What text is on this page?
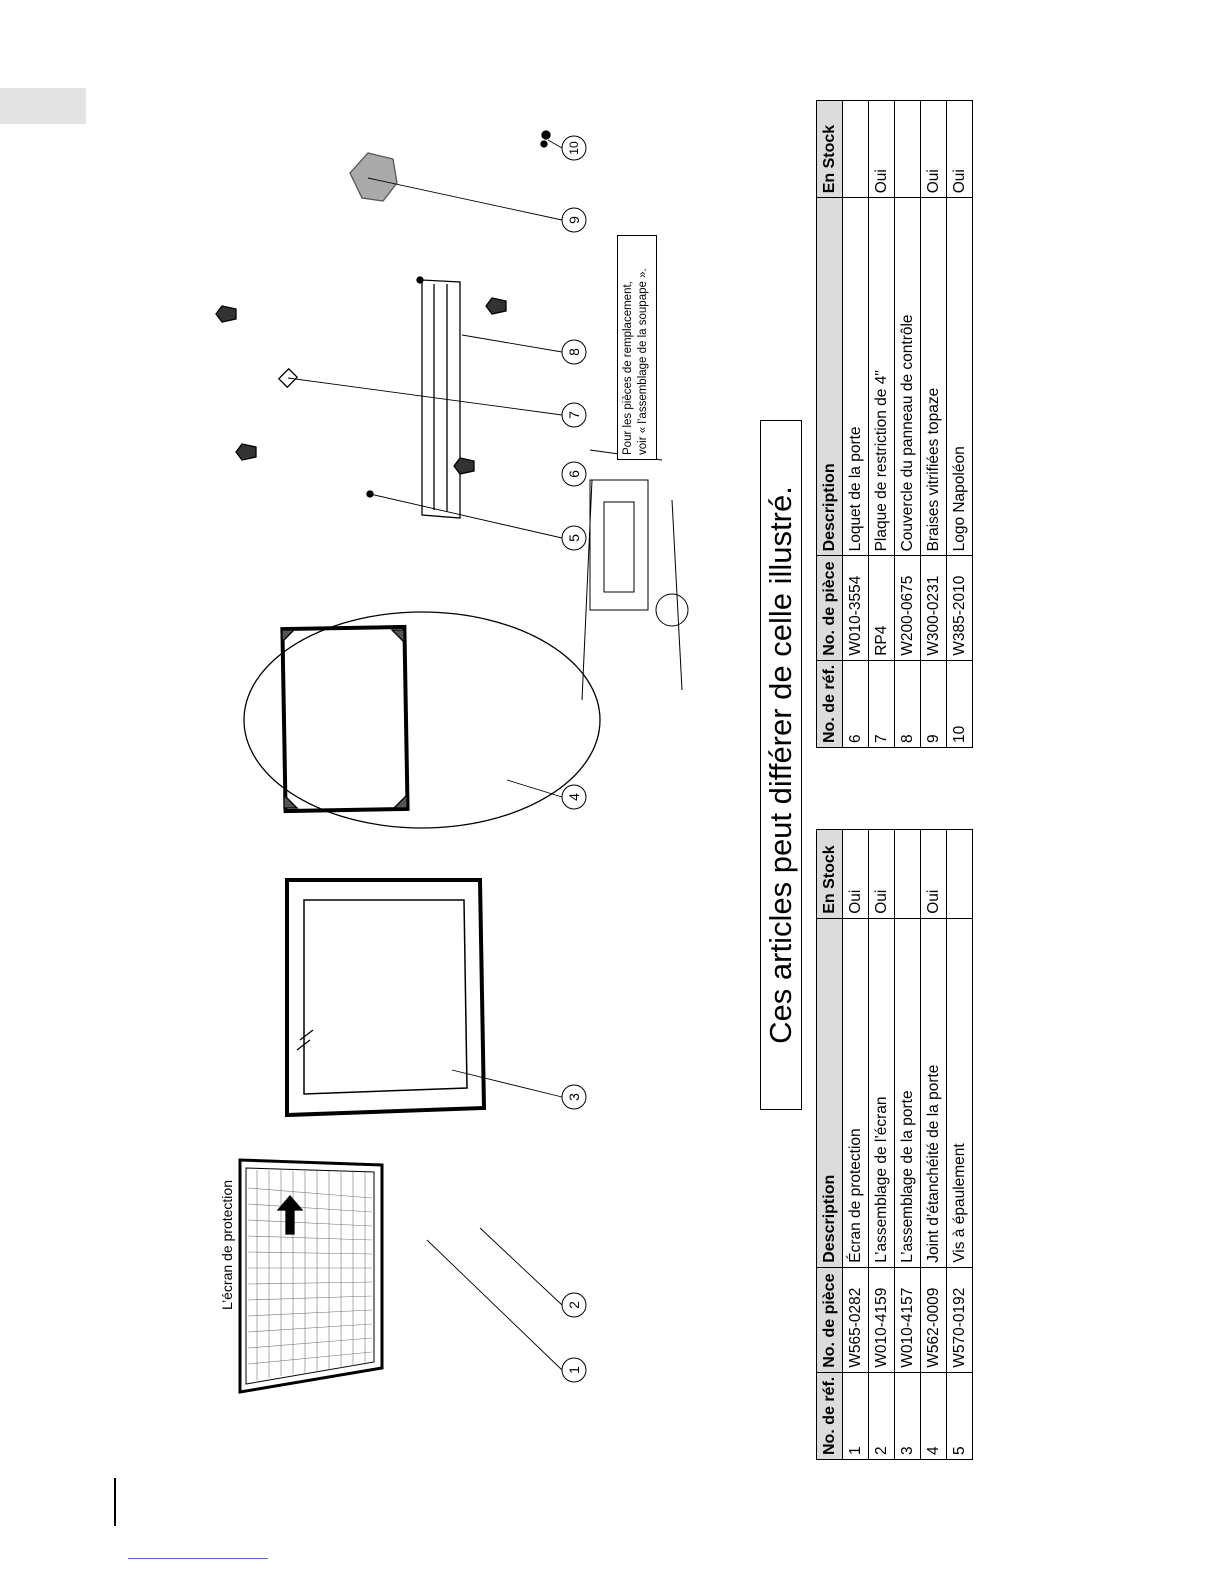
L’écran de protection
1
2
3
4
5
6
7
8
9
10
Pour les pièces de remplacement, voir « l’assemblage de la soupape ».
Ces articles peut différer de celle illustré.
No. de réf.	No. de pièce	Description	En Stock
1	W565-0282	Écran de protection	Oui
2	W010-4159	L’assemblage de l’écran	Oui
3	W010-4157	L’assemblage de la porte	
4	W562-0009	Joint d’étanchéité de la porte	Oui
5	W570-0192	Vis à épaulement	
No. de réf.	No. de pièce	Description	En Stock
6	W010-3554	Loquet de la porte	
7	RP4	Plaque de restriction de 4"	Oui
8	W200-0675	Couvercle du panneau de contrôle	
9	W300-0231	Braises vitrifiées topaze	Oui
10	W385-2010	Logo Napoléon	Oui
